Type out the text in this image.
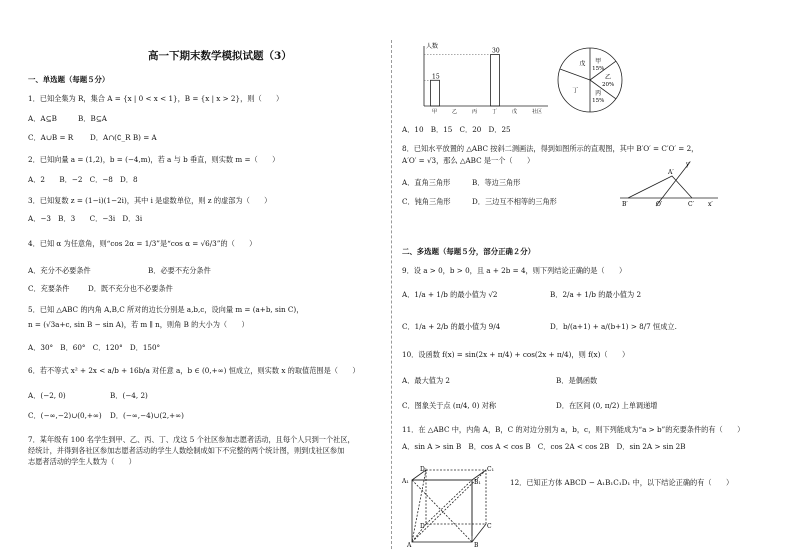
高一下期末数学模拟试题（3）
一、单选题（每题５分）
1．已知全集为 R，集合 A = {x | 0 < x < 1}，B = {x | x > 2}，则（　　）
A．A⊆B	B．B⊆A
C．A∪B = R D．A∩(∁_R B) = A
2．已知向量 a = (1,2)，b = (−4,m)，若 a 与 b 垂直，则实数 m =（　　）
A．2　　B．−2　C．−8　D．8
3．已知复数 z = (1−i)(1−2i)，其中 i 是虚数单位，则 z 的虚部为（　　）
A．−3　B．3　　C．−3i　D．3i
4．已知 α 为任意角，则“cos 2α = 1/3”是“cos α = √6/3”的（　　）
A．充分不必要条件	B．必要不充分条件
C．充要条件	D．既不充分也不必要条件
5．已知 △ABC 的内角 A,B,C 所对的边长分别是 a,b,c，设向量 m = (a+b, sin C)，
n = (√3a+c, sin B − sin A)，若 m ∥ n，则角 B 的大小为（　　）
A．30°　B．60°　C．120°　D．150°
6．若不等式 x² + 2x < a/b + 16b/a 对任意 a，b ∈ (0,+∞) 恒成立，则实数 x 的取值范围是（　　）
A．(−2, 0)	B．(−4, 2)
C．(−∞,−2)∪(0,+∞) D．(−∞,−4)∪(2,+∞)
7．某年级有 100 名学生到甲、乙、丙、丁、戊这 5 个社区参加志愿者活动，且每个人只到一个社区，
经统计，并得到各社区参加志愿者活动的学生人数绘制成如下不完整的两个统计图，则到戊社区参加
志愿者活动的学生人数为（　　）
D₁	C₁
A₁	B₁
D	C
A	B
人数
15
30
甲	乙	丙	丁	戊	社区
甲
15%
乙
20%
丙
15%
丁
戊
A．10　B．15　C．20　D．25
8．已知水平放置的 △ABC 按斜二测画法，得到如图所示的直观图，其中 B′O′ = C′O′ = 2，
A′O′ = √3，那么 △ABC 是一个（　　）
A．直角三角形	B．等边三角形
C．钝角三角形	D．三边互不相等的三角形
A′
B′	O′	C′ x′
y′
二、多选题（每题５分，部分正确２分）
9．设 a > 0，b > 0，且 a + 2b = 4，则下列结论正确的是（　　）
A．1/a + 1/b 的最小值为 √2	B．2/a + 1/b 的最小值为 2
C．1/a + 2/b 的最小值为 9/4	D．b/(a+1) + a/(b+1) > 8/7 恒成立.
10．设函数 f(x) = sin(2x + π/4) + cos(2x + π/4)，则 f(x)（　　）
A．最大值为 2	B．是偶函数
C．图象关于点 (π/4, 0) 对称	D．在区间 (0, π/2) 上单调递增
11．在 △ABC 中，内角 A，B，C 的对边分别为 a，b，c，则下列能成为“a > b”的充要条件的有（　　）
A．sin A > sin B　B．cos A < cos B　C．cos 2A < cos 2B　D．sin 2A > sin 2B
12．已知正方体 ABCD − A₁B₁C₁D₁ 中，以下结论正确的有（　　）
